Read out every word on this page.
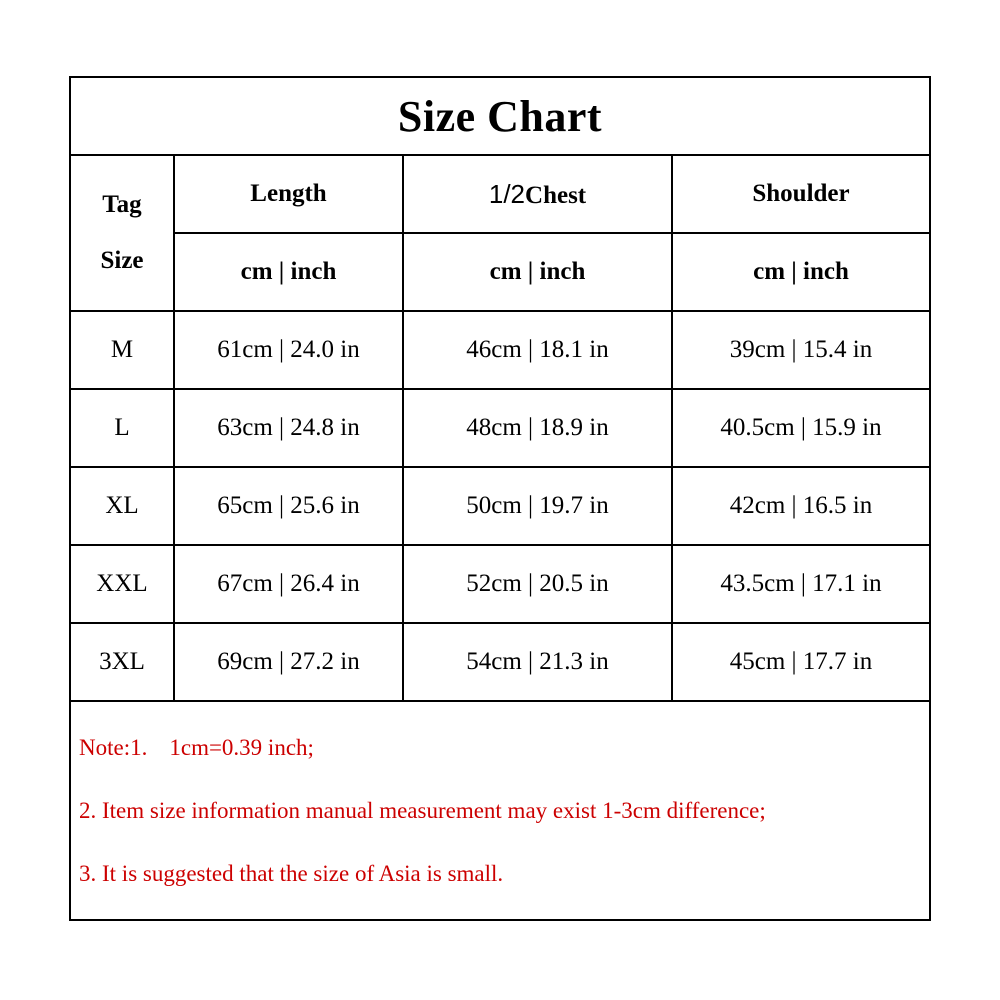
Size Chart
Tag
Size	Length	1/2Chest	Shoulder
	cm | inch	cm | inch	cm | inch
M	61cm | 24.0 in	46cm | 18.1 in	39cm | 15.4 in
L	63cm | 24.8 in	48cm | 18.9 in	40.5cm | 15.9 in
XL	65cm | 25.6 in	50cm | 19.7 in	42cm | 16.5 in
XXL	67cm | 26.4 in	52cm | 20.5 in	43.5cm | 17.1 in
3XL	69cm | 27.2 in	54cm | 21.3 in	45cm | 17.7 in
Note:1. 1cm=0.39 inch;
2. Item size information manual measurement may exist 1-3cm difference;
3. It is suggested that the size of Asia is small.
